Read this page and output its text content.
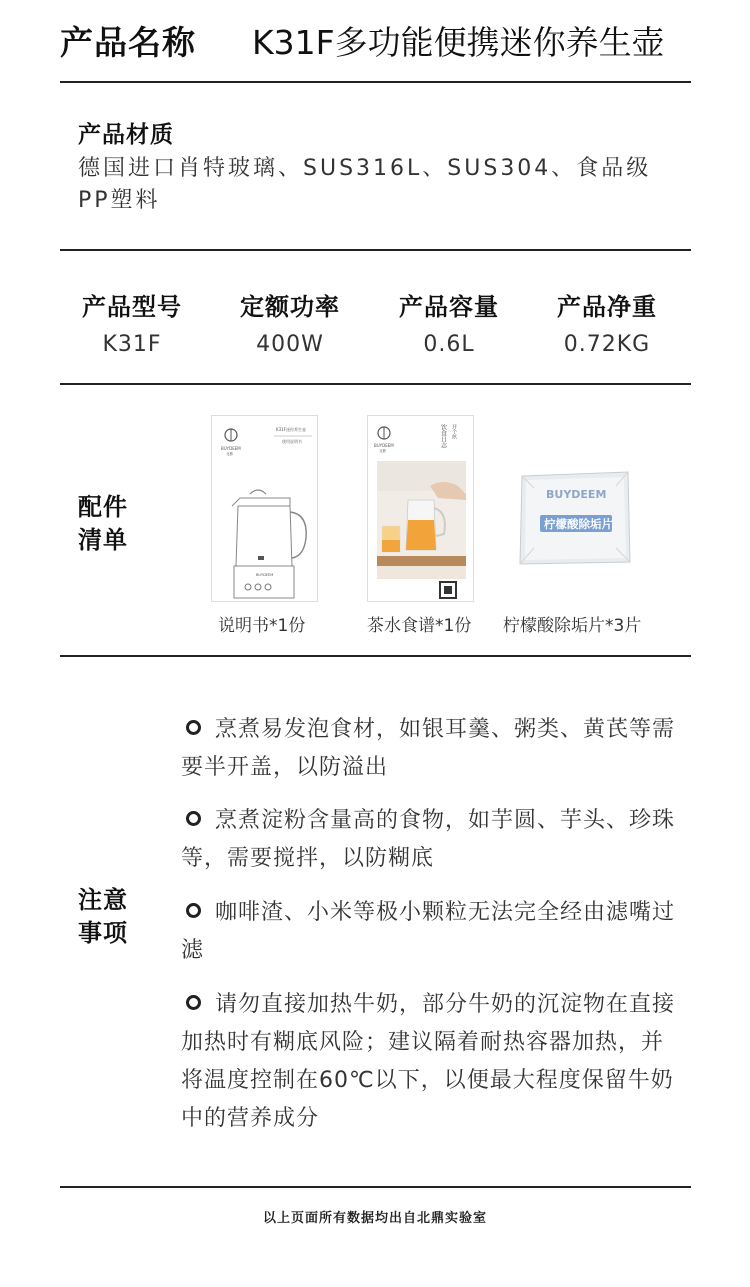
产品名称 K31F多功能便携迷你养生壶
产品材质
德国进口肖特玻璃、SUS316L、SUS304、食品级PP塑料
产品型号
K31F
定额功率
400W
产品容量
0.6L
产品净重
0.72KG
配件
清单
BUYDEEM
北鼎
K31F迷你养生壶
使用说明书
BUYDEEM
说明书*1份
BUYDEEM
北鼎
饮食日志 开个炫
茶水食谱*1份
BUYDEEM
柠檬酸除垢片
柠檬酸除垢片*3片
注意
事项
烹煮易发泡食材，如银耳羹、粥类、黄芪等需要半开盖，以防溢出
烹煮淀粉含量高的食物，如芋圆、芋头、珍珠等，需要搅拌，以防糊底
咖啡渣、小米等极小颗粒无法完全经由滤嘴过滤
请勿直接加热牛奶，部分牛奶的沉淀物在直接加热时有糊底风险；建议隔着耐热容器加热，并将温度控制在60℃以下，以便最大程度保留牛奶中的营养成分
以上页面所有数据均出自北鼎实验室
